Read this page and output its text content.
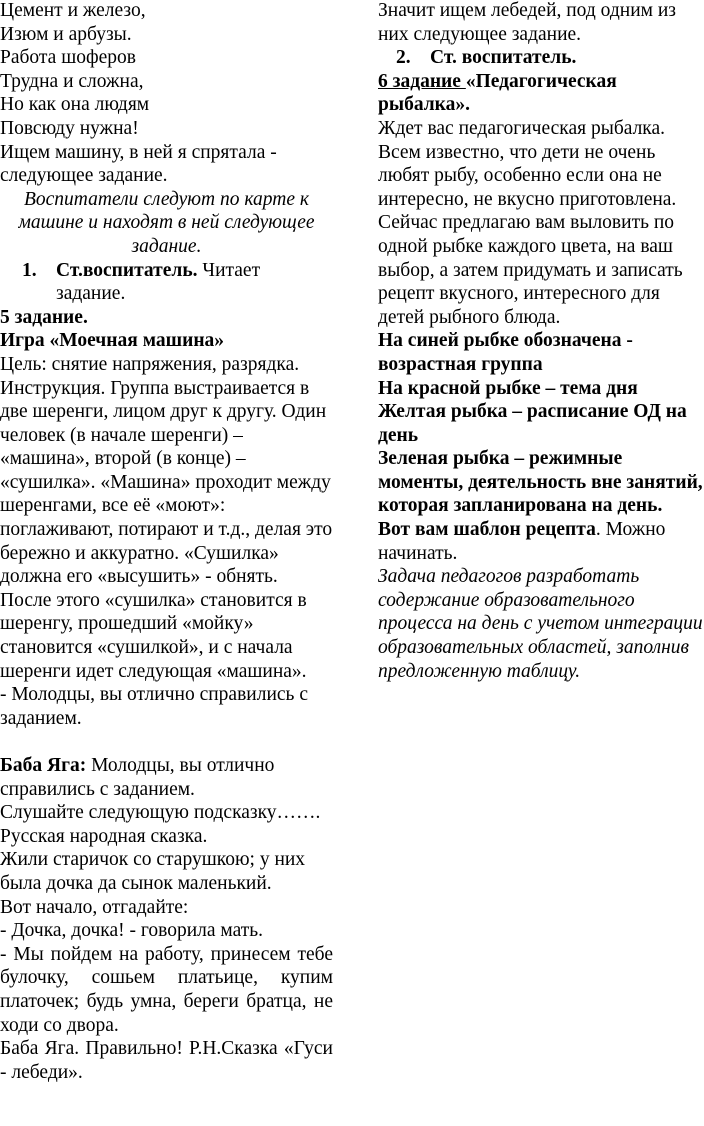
Цемент и железо,

Изюм и арбузы.

Работа шоферов

Трудна и сложна,

Но как она людям

Повсюду нужна!

Ищем машину, в ней я спрятала - следующее задание.

Воспитатели следуют по карте к машине и находят в ней следующее задание.

1. Ст.воспитатель. Читает задание.

5 задание.

Игра «Моечная машина»

Цель: снятие напряжения, разрядка. Инструкция. Группа выстраивается в две шеренги, лицом друг к другу. Один человек (в начале шеренги) – «машина», второй (в конце) – «сушилка». «Машина» проходит между шеренгами, все её «моют»: поглаживают, потирают и т.д., делая это бережно и аккуратно. «Сушилка» должна его «высушить» - обнять. После этого «сушилка» становится в шеренгу, прошедший «мойку» становится «сушилкой», и с начала шеренги идет следующая «машина».

- Молодцы, вы отлично справились с заданием.

Баба Яга: Молодцы, вы отлично справились с заданием.

Слушайте следующую подсказку…….

Русская народная сказка.

Жили старичок со старушкою; у них была дочка да сынок маленький.

Вот начало, отгадайте:

- Дочка, дочка! - говорила мать.

- Мы пойдем на работу, принесем тебе булочку, сошьем платьице, купим платочек; будь умна, береги братца, не ходи со двора.

Баба Яга. Правильно! Р.Н.Сказка «Гуси - лебеди».

Значит ищем лебедей, под одним из них следующее задание.

2. Ст. воспитатель.

6 задание «Педагогическая рыбалка».

Ждет вас педагогическая рыбалка. Всем известно, что дети не очень любят рыбу, особенно если она не интересно, не вкусно приготовлена. Сейчас предлагаю вам выловить по одной рыбке каждого цвета, на ваш выбор, а затем придумать и записать рецепт вкусного, интересного для детей рыбного блюда.

На синей рыбке обозначена - возрастная группа

На красной рыбке – тема дня

Желтая рыбка – расписание ОД на день

Зеленая рыбка – режимные моменты, деятельность вне занятий, которая запланирована на день.

Вот вам шаблон рецепта. Можно начинать.

Задача педагогов разработать содержание образовательного процесса на день с учетом интеграции образовательных областей, заполнив предложенную таблицу.
